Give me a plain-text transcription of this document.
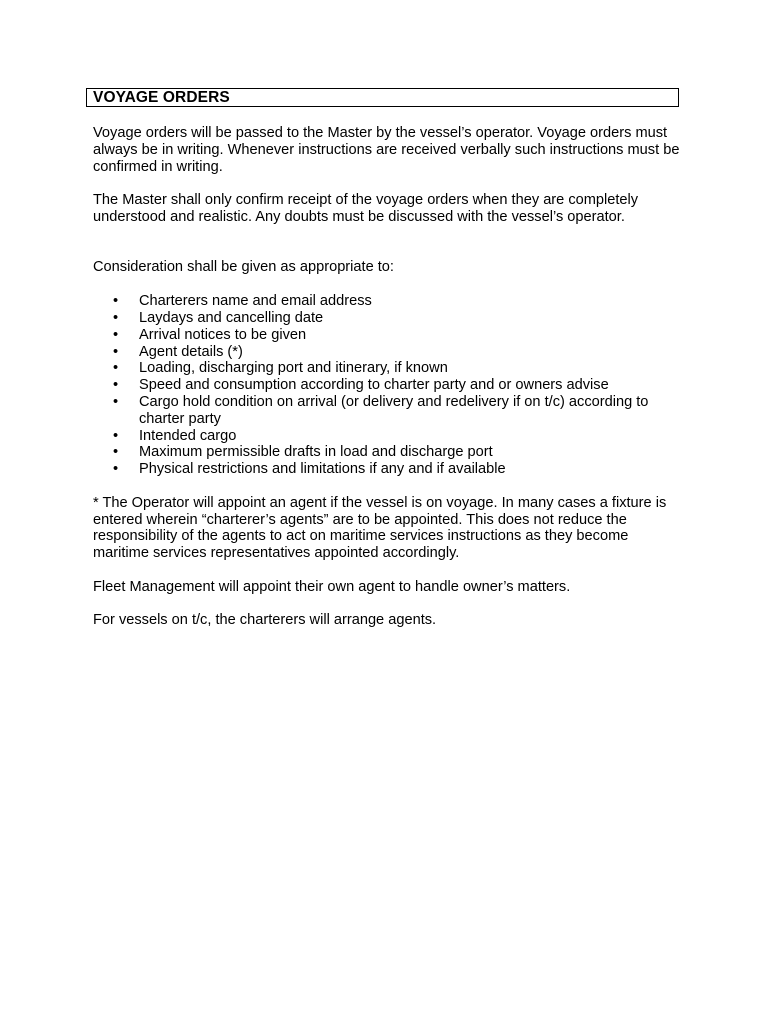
VOYAGE ORDERS

Voyage orders will be passed to the Master by the vessel’s operator. Voyage orders must always be in writing. Whenever instructions are received verbally such instructions must be confirmed in writing.

The Master shall only confirm receipt of the voyage orders when they are completely understood and realistic. Any doubts must be discussed with the vessel’s operator.

Consideration shall be given as appropriate to:

•	Charterers name and email address
•	Laydays and cancelling date
•	Arrival notices to be given
•	Agent details (*)
•	Loading, discharging port and itinerary, if known
•	Speed and consumption according to charter party and or owners advise
•	Cargo hold condition on arrival (or delivery and redelivery if on t/c) according to charter party
•	Intended cargo
•	Maximum permissible drafts in load and discharge port
•	Physical restrictions and limitations if any and if available

* The Operator will appoint an agent if the vessel is on voyage. In many cases a fixture is entered wherein “charterer’s agents” are to be appointed. This does not reduce the responsibility of the agents to act on maritime services instructions as they become maritime services representatives appointed accordingly.

Fleet Management will appoint their own agent to handle owner’s matters.

For vessels on t/c, the charterers will arrange agents.
